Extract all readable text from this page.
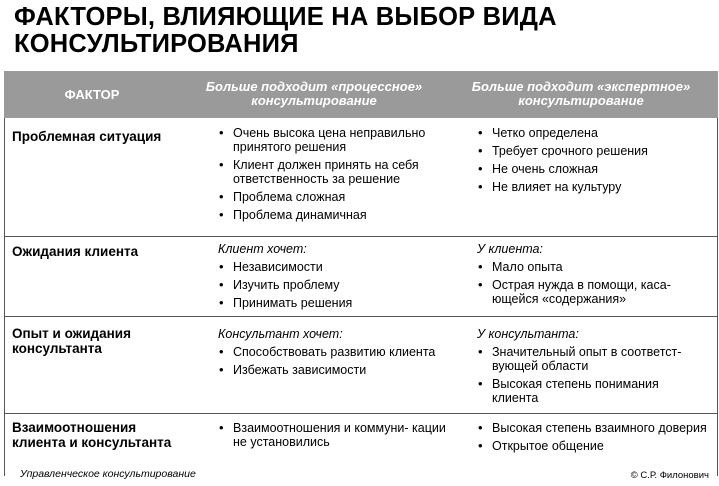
ФАКТОРЫ, ВЛИЯЮЩИЕ НА ВЫБОР ВИДА
КОНСУЛЬТИРОВАНИЯ
ФАКТОР
Больше подходит «процессное»
консультирование
Больше подходит «экспертное»
консультирование
Проблемная ситуация
•	Очень высока цена неправильно принятого решения
• Клиент должен принять на себя ответственность за решение
• Проблема сложная
• Проблема динамичная
• Четко определена
• Требует срочного решения
• Не очень сложная
• Не влияет на культуру
Ожидания клиента	Клиент хочет:
• Независимости
• Изучить проблему
• Принимать решения
У клиента:
• Мало опыта
• Острая нужда в помощи, каса- ющейся «содержания»
Опыт и ожидания
консультанта
Консультант хочет:
• Способствовать развитию клиента
• Избежать зависимости
У консультанта:
• Значительный опыт в соответст- вующей области
• Высокая степень понимания клиента
Взаимоотношения
клиента и консультанта
• Взаимоотношения и коммуни- кации не установились
• Высокая степень взаимного доверия
• Открытое общение
Управленческое консультирование	© С.Р. Филонович
